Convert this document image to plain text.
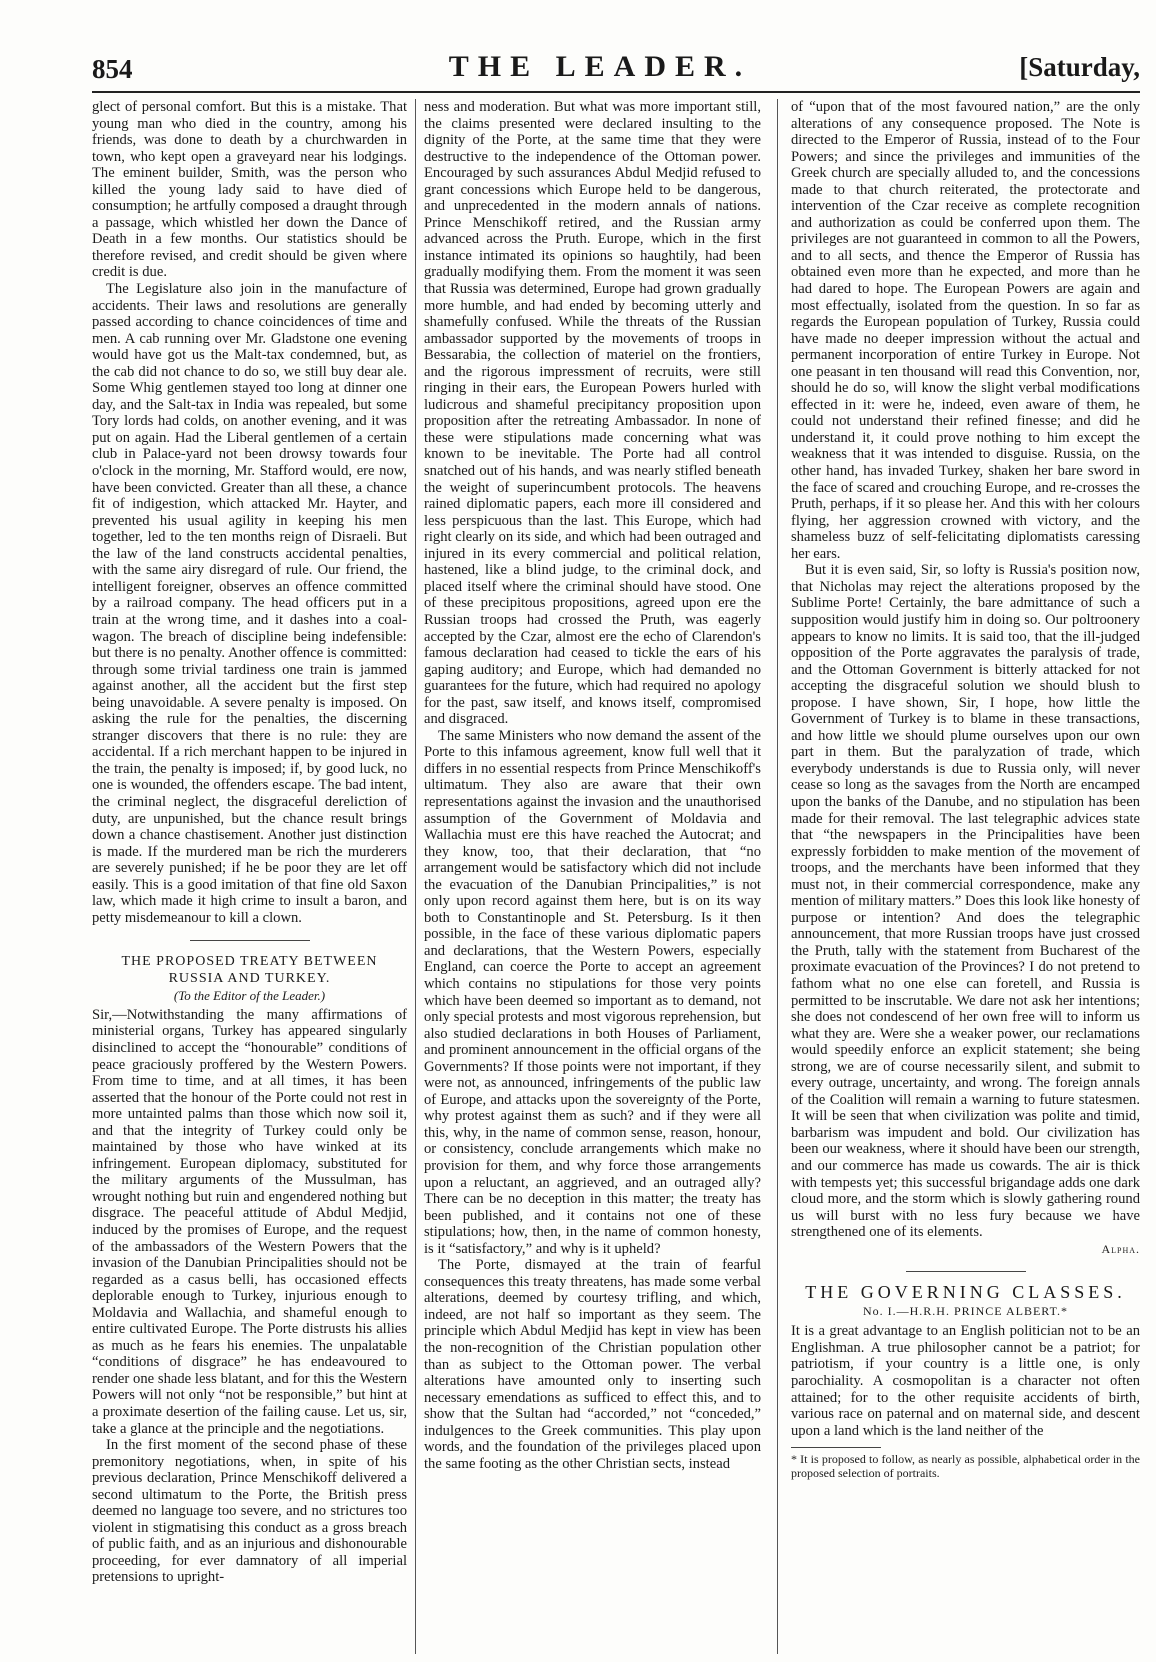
854	THE LEADER.	[Saturday,

glect of personal comfort. But this is a mistake. That young man who died in the country, among his friends, was done to death by a churchwarden in town, who kept open a graveyard near his lodgings. The eminent builder, Smith, was the person who killed the young lady said to have died of consumption; he artfully composed a draught through a passage, which whistled her down the Dance of Death in a few months. Our statistics should be therefore revised, and credit should be given where credit is due.

The Legislature also join in the manufacture of accidents. Their laws and resolutions are generally passed according to chance coincidences of time and men. A cab running over Mr. Gladstone one evening would have got us the Malt-tax condemned, but, as the cab did not chance to do so, we still buy dear ale. Some Whig gentlemen stayed too long at dinner one day, and the Salt-tax in India was repealed, but some Tory lords had colds, on another evening, and it was put on again. Had the Liberal gentlemen of a certain club in Palace-yard not been drowsy towards four o'clock in the morning, Mr. Stafford would, ere now, have been convicted. Greater than all these, a chance fit of indigestion, which attacked Mr. Hayter, and prevented his usual agility in keeping his men together, led to the ten months reign of Disraeli. But the law of the land constructs accidental penalties, with the same airy disregard of rule. Our friend, the intelligent foreigner, observes an offence committed by a railroad company. The head officers put in a train at the wrong time, and it dashes into a coal-wagon. The breach of discipline being indefensible: but there is no penalty. Another offence is committed: through some trivial tardiness one train is jammed against another, all the accident but the first step being unavoidable. A severe penalty is imposed. On asking the rule for the penalties, the discerning stranger discovers that there is no rule: they are accidental. If a rich merchant happen to be injured in the train, the penalty is imposed; if, by good luck, no one is wounded, the offenders escape. The bad intent, the criminal neglect, the disgraceful dereliction of duty, are unpunished, but the chance result brings down a chance chastisement. Another just distinction is made. If the murdered man be rich the murderers are severely punished; if he be poor they are let off easily. This is a good imitation of that fine old Saxon law, which made it high crime to insult a baron, and petty misdemeanour to kill a clown.

THE PROPOSED TREATY BETWEEN RUSSIA AND TURKEY.

(To the Editor of the Leader.)

Sir,—Notwithstanding the many affirmations of ministerial organs, Turkey has appeared singularly disinclined to accept the “honourable” conditions of peace graciously proffered by the Western Powers. From time to time, and at all times, it has been asserted that the honour of the Porte could not rest in more untainted palms than those which now soil it, and that the integrity of Turkey could only be maintained by those who have winked at its infringement. European diplomacy, substituted for the military arguments of the Mussulman, has wrought nothing but ruin and engendered nothing but disgrace. The peaceful attitude of Abdul Medjid, induced by the promises of Europe, and the request of the ambassadors of the Western Powers that the invasion of the Danubian Principalities should not be regarded as a casus belli, has occasioned effects deplorable enough to Turkey, injurious enough to Moldavia and Wallachia, and shameful enough to entire cultivated Europe. The Porte distrusts his allies as much as he fears his enemies. The unpalatable “conditions of disgrace” he has endeavoured to render one shade less blatant, and for this the Western Powers will not only “not be responsible,” but hint at a proximate desertion of the failing cause. Let us, sir, take a glance at the principle and the negotiations.

In the first moment of the second phase of these premonitory negotiations, when, in spite of his previous declaration, Prince Menschikoff delivered a second ultimatum to the Porte, the British press deemed no language too severe, and no strictures too violent in stigmatising this conduct as a gross breach of public faith, and as an injurious and dishonourable proceeding, for ever damnatory of all imperial pretensions to upright-

ness and moderation. But what was more important still, the claims presented were declared insulting to the dignity of the Porte, at the same time that they were destructive to the independence of the Ottoman power. Encouraged by such assurances Abdul Medjid refused to grant concessions which Europe held to be dangerous, and unprecedented in the modern annals of nations. Prince Menschikoff retired, and the Russian army advanced across the Pruth. Europe, which in the first instance intimated its opinions so haughtily, had been gradually modifying them. From the moment it was seen that Russia was determined, Europe had grown gradually more humble, and had ended by becoming utterly and shamefully confused. While the threats of the Russian ambassador supported by the movements of troops in Bessarabia, the collection of materiel on the frontiers, and the rigorous impressment of recruits, were still ringing in their ears, the European Powers hurled with ludicrous and shameful precipitancy proposition upon proposition after the retreating Ambassador. In none of these were stipulations made concerning what was known to be inevitable. The Porte had all control snatched out of his hands, and was nearly stifled beneath the weight of superincumbent protocols. The heavens rained diplomatic papers, each more ill considered and less perspicuous than the last. This Europe, which had right clearly on its side, and which had been outraged and injured in its every commercial and political relation, hastened, like a blind judge, to the criminal dock, and placed itself where the criminal should have stood. One of these precipitous propositions, agreed upon ere the Russian troops had crossed the Pruth, was eagerly accepted by the Czar, almost ere the echo of Clarendon's famous declaration had ceased to tickle the ears of his gaping auditory; and Europe, which had demanded no guarantees for the future, which had required no apology for the past, saw itself, and knows itself, compromised and disgraced.

The same Ministers who now demand the assent of the Porte to this infamous agreement, know full well that it differs in no essential respects from Prince Menschikoff's ultimatum. They also are aware that their own representations against the invasion and the unauthorised assumption of the Government of Moldavia and Wallachia must ere this have reached the Autocrat; and they know, too, that their declaration, that “no arrangement would be satisfactory which did not include the evacuation of the Danubian Principalities,” is not only upon record against them here, but is on its way both to Constantinople and St. Petersburg. Is it then possible, in the face of these various diplomatic papers and declarations, that the Western Powers, especially England, can coerce the Porte to accept an agreement which contains no stipulations for those very points which have been deemed so important as to demand, not only special protests and most vigorous reprehension, but also studied declarations in both Houses of Parliament, and prominent announcement in the official organs of the Governments? If those points were not important, if they were not, as announced, infringements of the public law of Europe, and attacks upon the sovereignty of the Porte, why protest against them as such? and if they were all this, why, in the name of common sense, reason, honour, or consistency, conclude arrangements which make no provision for them, and why force those arrangements upon a reluctant, an aggrieved, and an outraged ally? There can be no deception in this matter; the treaty has been published, and it contains not one of these stipulations; how, then, in the name of common honesty, is it “satisfactory,” and why is it upheld?

The Porte, dismayed at the train of fearful consequences this treaty threatens, has made some verbal alterations, deemed by courtesy trifling, and which, indeed, are not half so important as they seem. The principle which Abdul Medjid has kept in view has been the non-recognition of the Christian population other than as subject to the Ottoman power. The verbal alterations have amounted only to inserting such necessary emendations as sufficed to effect this, and to show that the Sultan had “accorded,” not “conceded,” indulgences to the Greek communities. This play upon words, and the foundation of the privileges placed upon the same footing as the other Christian sects, instead

of “upon that of the most favoured nation,” are the only alterations of any consequence proposed. The Note is directed to the Emperor of Russia, instead of to the Four Powers; and since the privileges and immunities of the Greek church are specially alluded to, and the concessions made to that church reiterated, the protectorate and intervention of the Czar receive as complete recognition and authorization as could be conferred upon them. The privileges are not guaranteed in common to all the Powers, and to all sects, and thence the Emperor of Russia has obtained even more than he expected, and more than he had dared to hope. The European Powers are again and most effectually, isolated from the question. In so far as regards the European population of Turkey, Russia could have made no deeper impression without the actual and permanent incorporation of entire Turkey in Europe. Not one peasant in ten thousand will read this Convention, nor, should he do so, will know the slight verbal modifications effected in it: were he, indeed, even aware of them, he could not understand their refined finesse; and did he understand it, it could prove nothing to him except the weakness that it was intended to disguise. Russia, on the other hand, has invaded Turkey, shaken her bare sword in the face of scared and crouching Europe, and re-crosses the Pruth, perhaps, if it so please her. And this with her colours flying, her aggression crowned with victory, and the shameless buzz of self-felicitating diplomatists caressing her ears.

But it is even said, Sir, so lofty is Russia's position now, that Nicholas may reject the alterations proposed by the Sublime Porte! Certainly, the bare admittance of such a supposition would justify him in doing so. Our poltroonery appears to know no limits. It is said too, that the ill-judged opposition of the Porte aggravates the paralysis of trade, and the Ottoman Government is bitterly attacked for not accepting the disgraceful solution we should blush to propose. I have shown, Sir, I hope, how little the Government of Turkey is to blame in these transactions, and how little we should plume ourselves upon our own part in them. But the paralyzation of trade, which everybody understands is due to Russia only, will never cease so long as the savages from the North are encamped upon the banks of the Danube, and no stipulation has been made for their removal. The last telegraphic advices state that “the newspapers in the Principalities have been expressly forbidden to make mention of the movement of troops, and the merchants have been informed that they must not, in their commercial correspondence, make any mention of military matters.” Does this look like honesty of purpose or intention? And does the telegraphic announcement, that more Russian troops have just crossed the Pruth, tally with the statement from Bucharest of the proximate evacuation of the Provinces? I do not pretend to fathom what no one else can foretell, and Russia is permitted to be inscrutable. We dare not ask her intentions; she does not condescend of her own free will to inform us what they are. Were she a weaker power, our reclamations would speedily enforce an explicit statement; she being strong, we are of course necessarily silent, and submit to every outrage, uncertainty, and wrong. The foreign annals of the Coalition will remain a warning to future statesmen. It will be seen that when civilization was polite and timid, barbarism was impudent and bold. Our civilization has been our weakness, where it should have been our strength, and our commerce has made us cowards. The air is thick with tempests yet; this successful brigandage adds one dark cloud more, and the storm which is slowly gathering round us will burst with no less fury because we have strengthened one of its elements.

Alpha.

THE GOVERNING CLASSES.

No. I.—H.R.H. PRINCE ALBERT.*

It is a great advantage to an English politician not to be an Englishman. A true philosopher cannot be a patriot; for patriotism, if your country is a little one, is only parochiality. A cosmopolitan is a character not often attained; for to the other requisite accidents of birth, various race on paternal and on maternal side, and descent upon a land which is the land neither of the

* It is proposed to follow, as nearly as possible, alphabetical order in the proposed selection of portraits.
